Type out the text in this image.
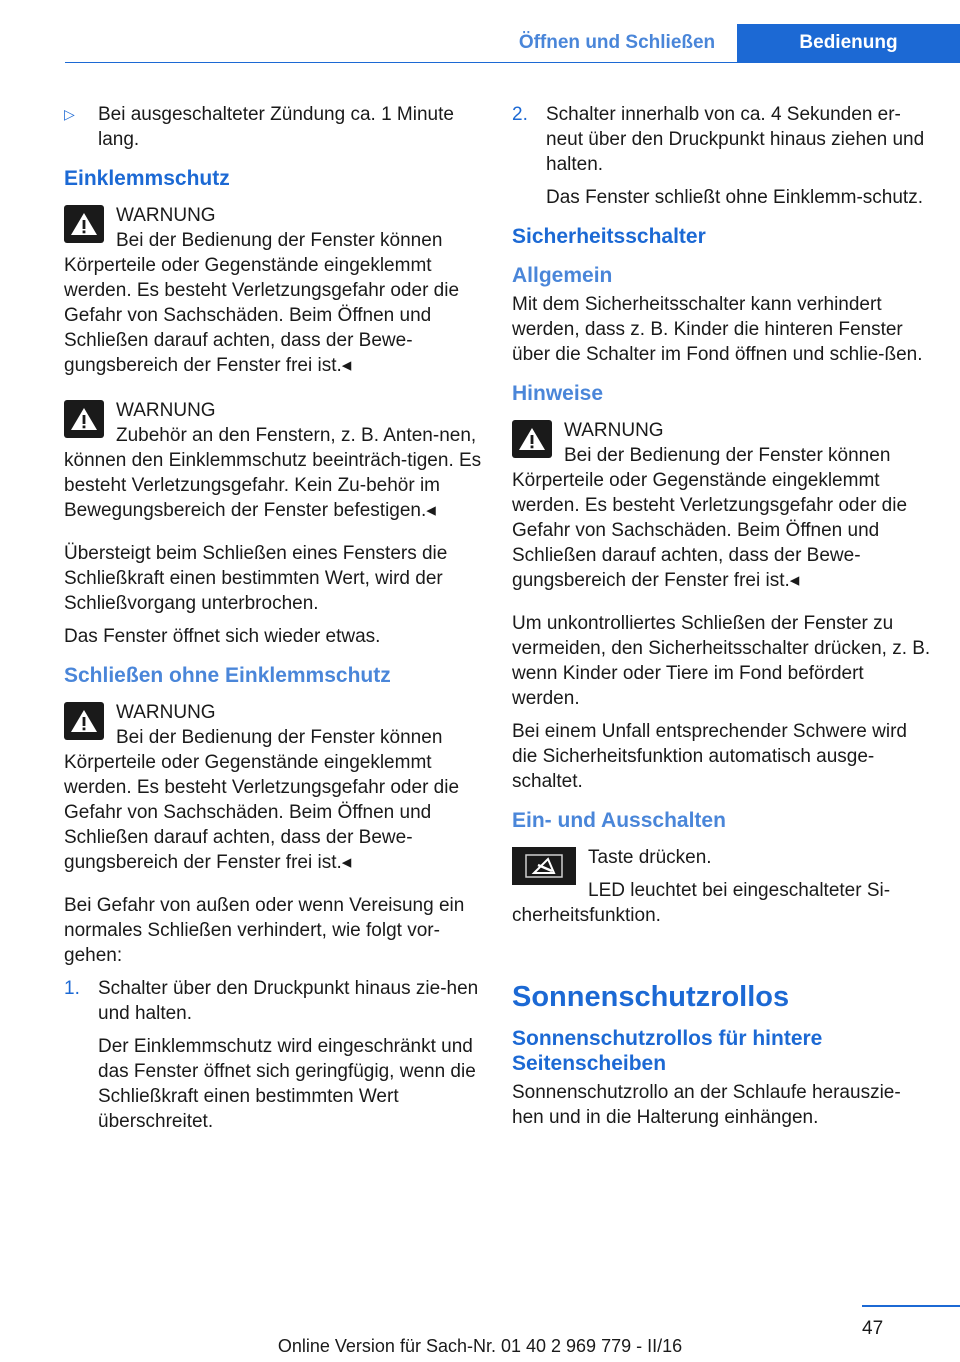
Öffnen und Schließen	Bedienung
▷ Bei ausgeschalteter Zündung ca. 1 Minute lang.

Einklemmschutz
WARNUNG

Bei der Bedienung der Fenster können Körperteile oder Gegenstände eingeklemmt werden. Es besteht Verletzungsgefahr oder die Gefahr von Sachschäden. Beim Öffnen und Schließen darauf achten, dass der Bewe‐gungsbereich der Fenster frei ist.◂

WARNUNG

Zubehör an den Fenstern, z. B. Anten‐nen, können den Einklemmschutz beeinträch‐tigen. Es besteht Verletzungsgefahr. Kein Zu‐behör im Bewegungsbereich der Fenster befestigen.◂

Übersteigt beim Schließen eines Fensters die Schließkraft einen bestimmten Wert, wird der Schließvorgang unterbrochen.

Das Fenster öffnet sich wieder etwas.

Schließen ohne Einklemmschutz
WARNUNG

Bei der Bedienung der Fenster können Körperteile oder Gegenstände eingeklemmt werden. Es besteht Verletzungsgefahr oder die Gefahr von Sachschäden. Beim Öffnen und Schließen darauf achten, dass der Bewe‐gungsbereich der Fenster frei ist.◂

Bei Gefahr von außen oder wenn Vereisung ein normales Schließen verhindert, wie folgt vor‐gehen:

1. Schalter über den Druckpunkt hinaus zie‐hen und halten.

Der Einklemmschutz wird eingeschränkt und das Fenster öffnet sich geringfügig, wenn die Schließkraft einen bestimmten Wert überschreitet.

2. Schalter innerhalb von ca. 4 Sekunden er‐neut über den Druckpunkt hinaus ziehen und halten.

Das Fenster schließt ohne Einklemm‐schutz.

Sicherheitsschalter
Allgemein

Mit dem Sicherheitsschalter kann verhindert werden, dass z. B. Kinder die hinteren Fenster über die Schalter im Fond öffnen und schlie‐ßen.

Hinweise
WARNUNG

Bei der Bedienung der Fenster können Körperteile oder Gegenstände eingeklemmt werden. Es besteht Verletzungsgefahr oder die Gefahr von Sachschäden. Beim Öffnen und Schließen darauf achten, dass der Bewe‐gungsbereich der Fenster frei ist.◂

Um unkontrolliertes Schließen der Fenster zu vermeiden, den Sicherheitsschalter drücken, z. B. wenn Kinder oder Tiere im Fond befördert werden.

Bei einem Unfall entsprechender Schwere wird die Sicherheitsfunktion automatisch ausge‐schaltet.

Ein- und Ausschalten

Taste drücken.

LED leuchtet bei eingeschalteter Si‐cherheitsfunktion.

Sonnenschutzrollos
Sonnenschutzrollos für hintere Seitenscheiben

Sonnenschutzrollo an der Schlaufe herauszie‐hen und in die Halterung einhängen.

47
Online Version für Sach-Nr. 01 40 2 969 779 - II/16
